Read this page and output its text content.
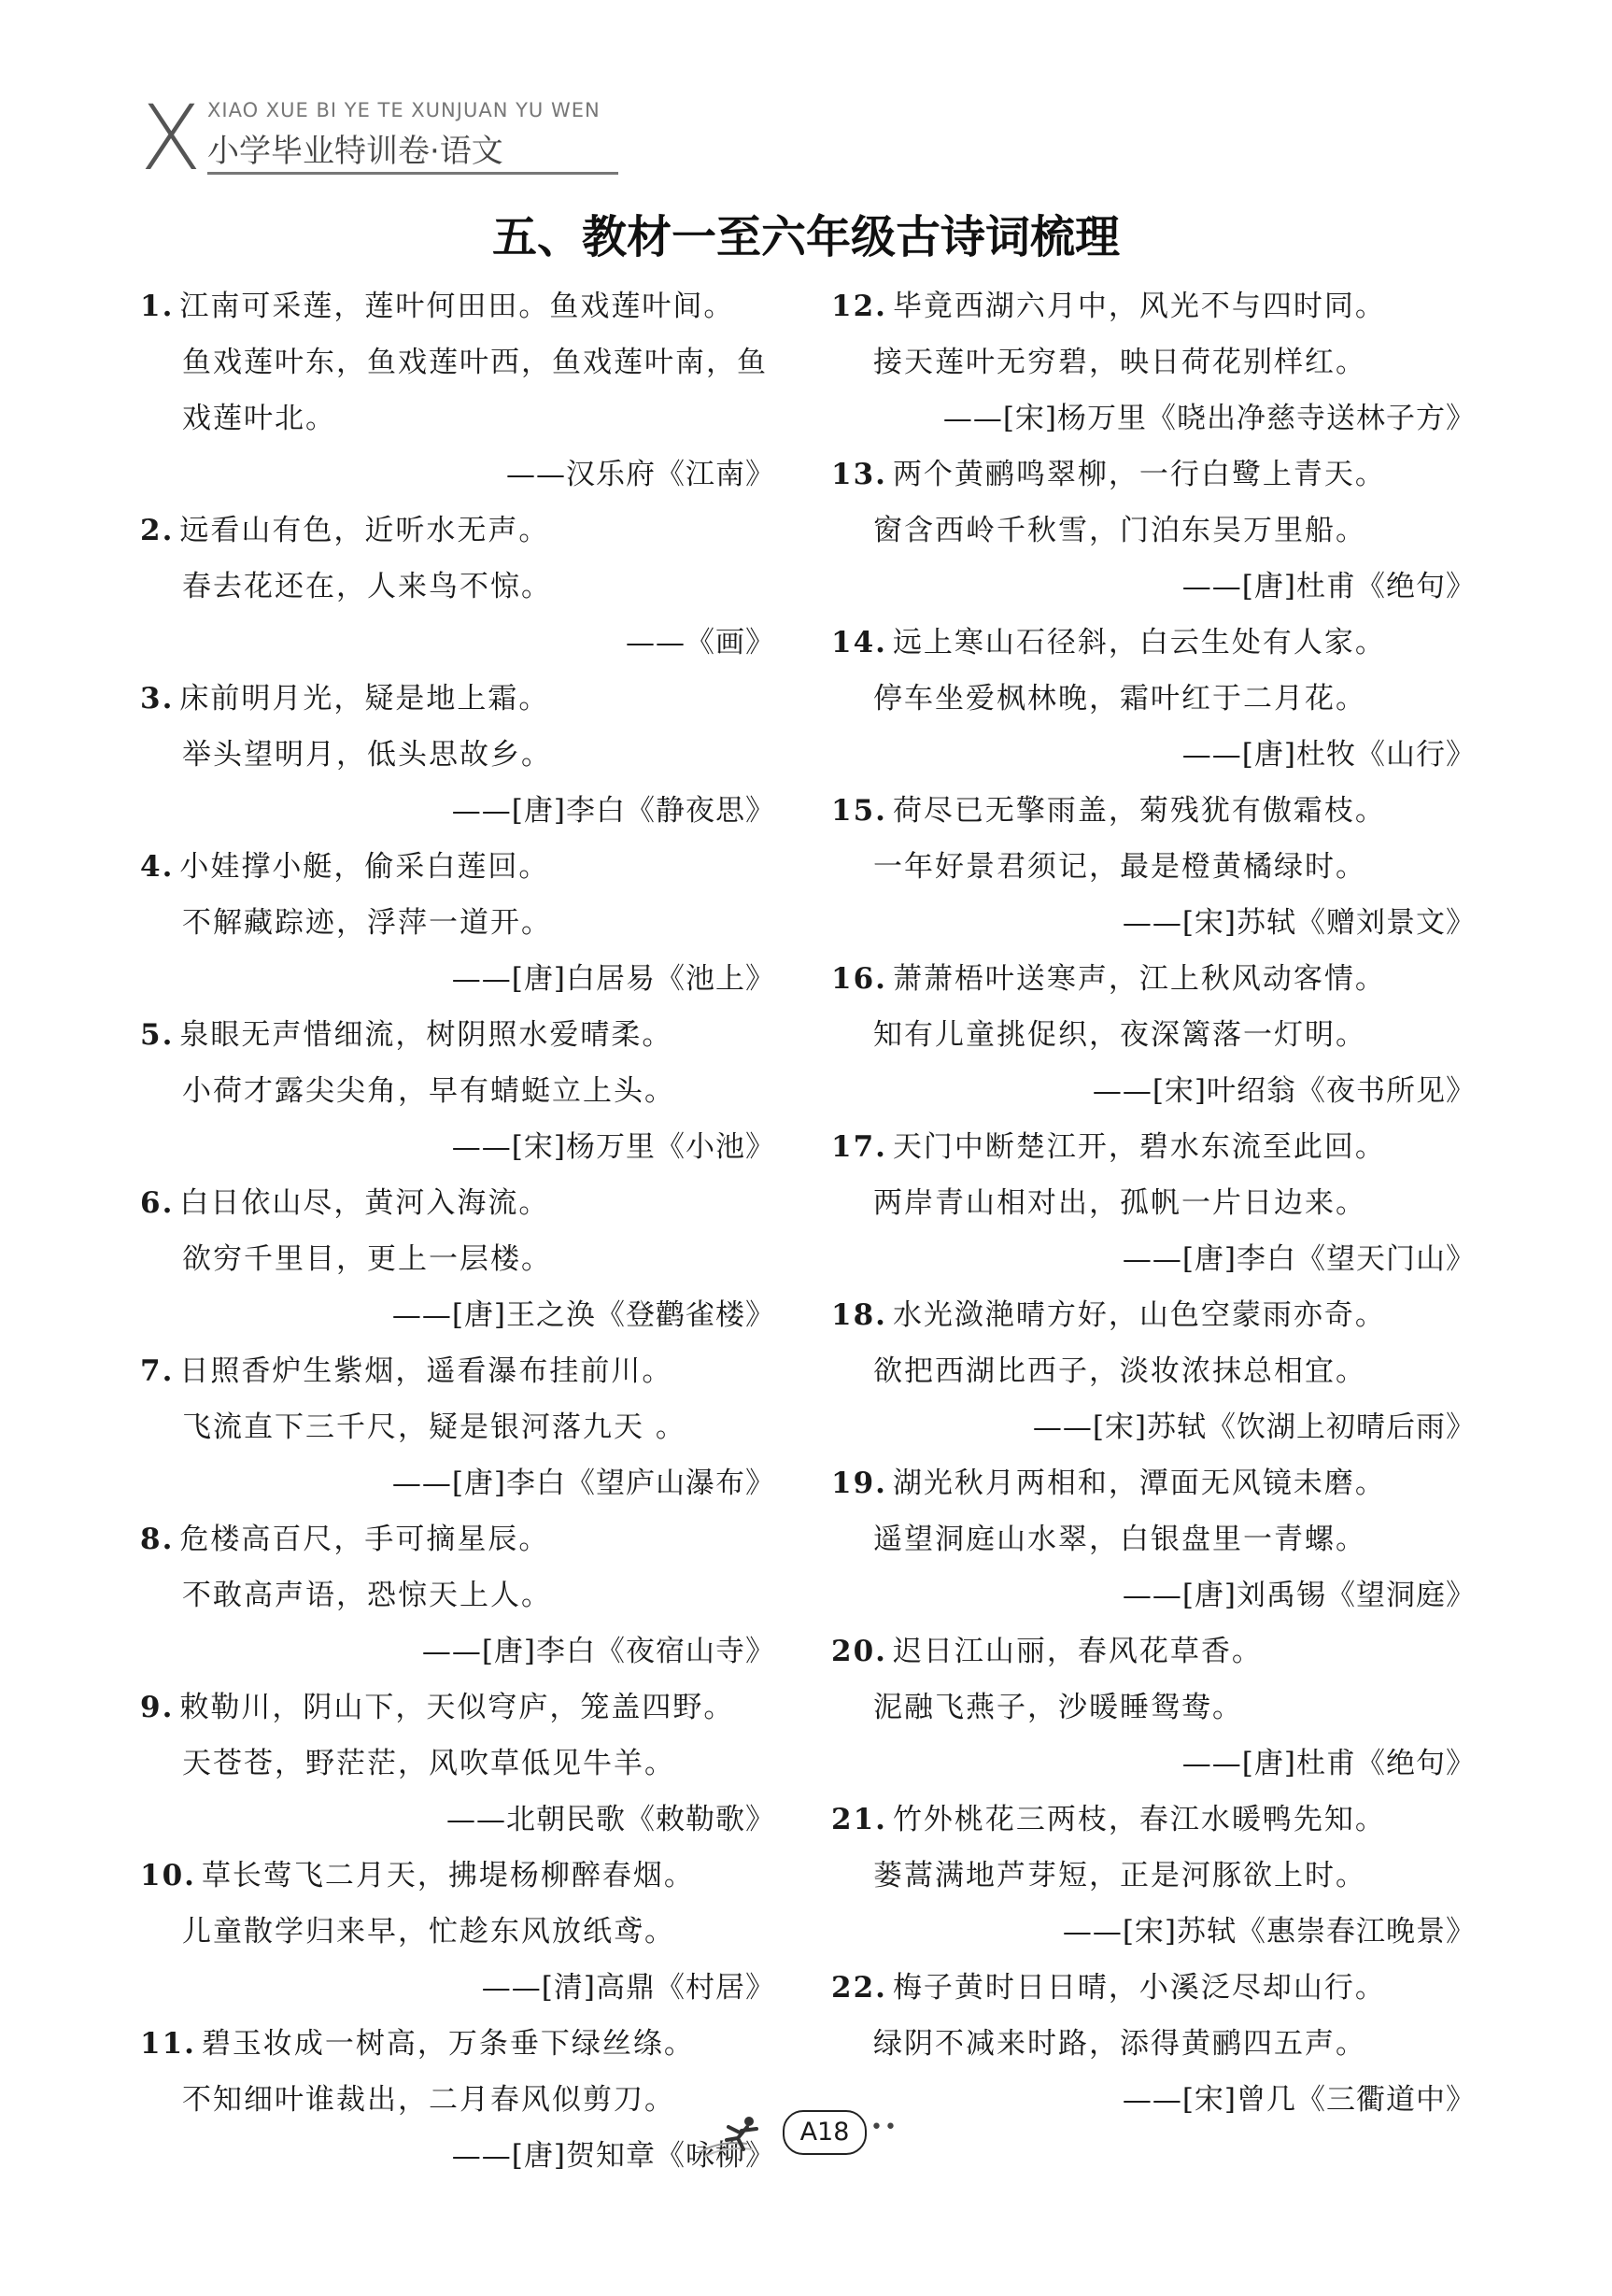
X XIAO XUE BI YE TE XUNJUAN YU WEN
小学毕业特训卷·语文
五、教材一至六年级古诗词梳理
1. 江南可采莲，莲叶何田田。鱼戏莲叶间。
鱼戏莲叶东，鱼戏莲叶西，鱼戏莲叶南，鱼
戏莲叶北。
——汉乐府《江南》
2. 远看山有色，近听水无声。
春去花还在，人来鸟不惊。
——《画》
3. 床前明月光，疑是地上霜。
举头望明月，低头思故乡。
——[唐]李白《静夜思》
4. 小娃撑小艇，偷采白莲回。
不解藏踪迹，浮萍一道开。
——[唐]白居易《池上》
5. 泉眼无声惜细流，树阴照水爱晴柔。
小荷才露尖尖角，早有蜻蜓立上头。
——[宋]杨万里《小池》
6. 白日依山尽，黄河入海流。
欲穷千里目，更上一层楼。
——[唐]王之涣《登鹳雀楼》
7. 日照香炉生紫烟，遥看瀑布挂前川。
飞流直下三千尺，疑是银河落九天 。
——[唐]李白《望庐山瀑布》
8. 危楼高百尺，手可摘星辰。
不敢高声语，恐惊天上人。
——[唐]李白《夜宿山寺》
9. 敕勒川，阴山下，天似穹庐，笼盖四野。
天苍苍，野茫茫，风吹草低见牛羊。
——北朝民歌《敕勒歌》
10. 草长莺飞二月天，拂堤杨柳醉春烟。
儿童散学归来早，忙趁东风放纸鸢。
——[清]高鼎《村居》
11. 碧玉妆成一树高，万条垂下绿丝绦。
不知细叶谁裁出，二月春风似剪刀。
——[唐]贺知章《咏柳》
12. 毕竟西湖六月中，风光不与四时同。
接天莲叶无穷碧，映日荷花别样红。
——[宋]杨万里《晓出净慈寺送林子方》
13. 两个黄鹂鸣翠柳，一行白鹭上青天。
窗含西岭千秋雪，门泊东吴万里船。
——[唐]杜甫《绝句》
14. 远上寒山石径斜，白云生处有人家。
停车坐爱枫林晚，霜叶红于二月花。
——[唐]杜牧《山行》
15. 荷尽已无擎雨盖，菊残犹有傲霜枝。
一年好景君须记，最是橙黄橘绿时。
——[宋]苏轼《赠刘景文》
16. 萧萧梧叶送寒声，江上秋风动客情。
知有儿童挑促织，夜深篱落一灯明。
——[宋]叶绍翁《夜书所见》
17. 天门中断楚江开，碧水东流至此回。
两岸青山相对出，孤帆一片日边来。
——[唐]李白《望天门山》
18. 水光潋滟晴方好，山色空蒙雨亦奇。
欲把西湖比西子，淡妆浓抹总相宜。
——[宋]苏轼《饮湖上初晴后雨》
19. 湖光秋月两相和，潭面无风镜未磨。
遥望洞庭山水翠，白银盘里一青螺。
——[唐]刘禹锡《望洞庭》
20. 迟日江山丽，春风花草香。
泥融飞燕子，沙暖睡鸳鸯。
——[唐]杜甫《绝句》
21. 竹外桃花三两枝，春江水暖鸭先知。
蒌蒿满地芦芽短，正是河豚欲上时。
——[宋]苏轼《惠崇春江晚景》
22. 梅子黄时日日晴，小溪泛尽却山行。
绿阴不减来时路，添得黄鹂四五声。
——[宋]曾几《三衢道中》
A18	••
